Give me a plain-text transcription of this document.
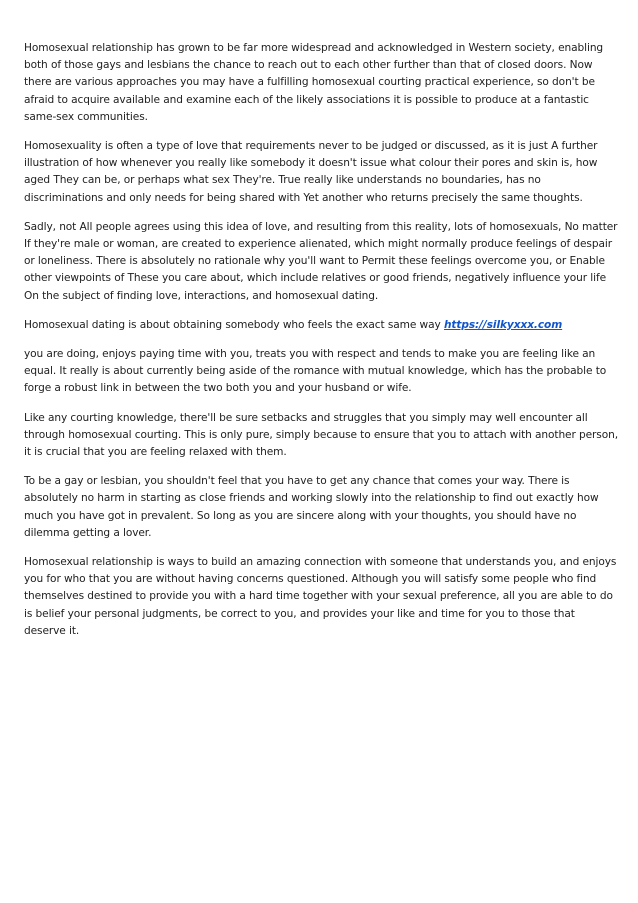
Homosexual relationship has grown to be far more widespread and acknowledged in Western society, enabling both of those gays and lesbians the chance to reach out to each other further than that of closed doors. Now there are various approaches you may have a fulfilling homosexual courting practical experience, so don't be afraid to acquire available and examine each of the likely associations it is possible to produce at a fantastic same-sex communities.

Homosexuality is often a type of love that requirements never to be judged or discussed, as it is just A further illustration of how whenever you really like somebody it doesn't issue what colour their pores and skin is, how aged They can be, or perhaps what sex They're. True really like understands no boundaries, has no discriminations and only needs for being shared with Yet another who returns precisely the same thoughts.

Sadly, not All people agrees using this idea of love, and resulting from this reality, lots of homosexuals, No matter If they're male or woman, are created to experience alienated, which might normally produce feelings of despair or loneliness. There is absolutely no rationale why you'll want to Permit these feelings overcome you, or Enable other viewpoints of These you care about, which include relatives or good friends, negatively influence your life On the subject of finding love, interactions, and homosexual dating.

Homosexual dating is about obtaining somebody who feels the exact same way https://silkyxxx.com

you are doing, enjoys paying time with you, treats you with respect and tends to make you are feeling like an equal. It really is about currently being aside of the romance with mutual knowledge, which has the probable to forge a robust link in between the two both you and your husband or wife.

Like any courting knowledge, there'll be sure setbacks and struggles that you simply may well encounter all through homosexual courting. This is only pure, simply because to ensure that you to attach with another person, it is crucial that you are feeling relaxed with them.

To be a gay or lesbian, you shouldn't feel that you have to get any chance that comes your way. There is absolutely no harm in starting as close friends and working slowly into the relationship to find out exactly how much you have got in prevalent. So long as you are sincere along with your thoughts, you should have no dilemma getting a lover.

Homosexual relationship is ways to build an amazing connection with someone that understands you, and enjoys you for who that you are without having concerns questioned. Although you will satisfy some people who find themselves destined to provide you with a hard time together with your sexual preference, all you are able to do is belief your personal judgments, be correct to you, and provides your like and time for you to those that deserve it.
